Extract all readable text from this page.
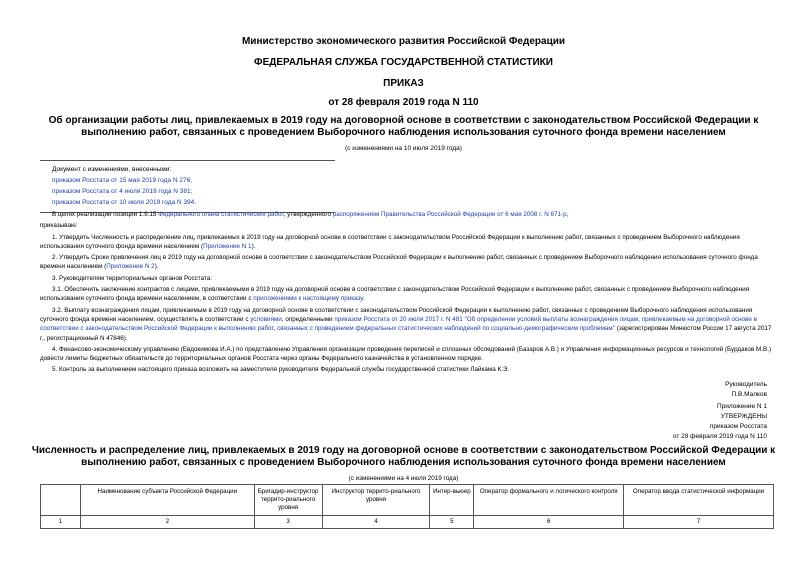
Министерство экономического развития Российской Федерации
ФЕДЕРАЛЬНАЯ СЛУЖБА ГОСУДАРСТВЕННОЙ СТАТИСТИКИ
ПРИКАЗ
от 28 февраля 2019 года N 110
Об организации работы лиц, привлекаемых в 2019 году на договорной основе в соответствии с законодательством Российской Федерации к выполнению работ, связанных с проведением Выборочного наблюдения использования суточного фонда времени населением
(с изменениями на 10 июля 2019 года)
Документ с изменениями, внесенными:
приказом Росстата от 15 мая 2019 года N 276;
приказом Росстата от 4 июля 2019 года N 381;
приказом Росстата от 10 июля 2019 года N 394.

В целях реализации позиции 1.9.15 Федерального плана статистических работ, утвержденного распоряжением Правительства Российской Федерации от 6 мая 2008 г. N 671-р,

приказываю:

1. Утвердить Численность и распределение лиц, привлекаемых в 2019 году на договорной основе в соответствии с законодательством Российской Федерации к выполнению работ, связанных с проведением Выборочного наблюдения использования суточного фонда времени населением (Приложение N 1).

2. Утвердить Сроки привлечения лиц в 2019 году на договорной основе в соответствии с законодательством Российской Федерации к выполнению работ, связанных с проведением Выборочного наблюдения использования суточного фонда времени населением (Приложение N 2).

3. Руководителям территориальных органов Росстата:

3.1. Обеспечить заключение контрактов с лицами, привлекаемыми в 2019 году на договорной основе в соответствии с законодательством Российской Федерации к выполнению работ, связанных с проведением Выборочного наблюдения использования суточного фонда времени населением, в соответствии с приложениями к настоящему приказу.

3.2. Выплату вознаграждения лицам, привлекаемым в 2019 году на договорной основе в соответствии с законодательством Российской Федерации к выполнению работ, связанных с проведением Выборочного наблюдения использования суточного фонда времени населением, осуществлять в соответствии с условиями, определенными приказом Росстата от 20 июля 2017 г. N 481 "Об определении условий выплаты вознаграждения лицам, привлекаемым на договорной основе в соответствии с законодательством Российской Федерации к выполнению работ, связанных с проведением федеральных статистических наблюдений по социально-демографическим проблемам" (зарегистрирован Минюстом России 17 августа 2017 г., регистрационный N 47846).

4. Финансово-экономическому управлению (Евдокимова И.А.) по представлению Управления организации проведения переписей и сплошных обследований (Базаров А.В.) и Управления информационных ресурсов и технологий (Бурдаков М.В.) довести лимиты бюджетных обязательств до территориальных органов Росстата через органы Федерального казначейства в установленном порядке.

5. Контроль за выполнением настоящего приказа возложить на заместителя руководителя Федеральной службы государственной статистики Лайкама К.Э.

Руководитель
П.В.Малков
Приложение N 1
УТВЕРЖДЕНЫ
приказом Росстата
от 28 февраля 2019 года N 110
Численность и распределение лиц, привлекаемых в 2019 году на договорной основе в соответствии с законодательством Российской Федерации к выполнению работ, связанных с проведением Выборочного наблюдения использования суточного фонда времени населением
(с изменениями на 4 июля 2019 года)
	Наименование субъекта Российской Федерации	Бригадир-инструктор террито-риального уровня	Инструктор террито-риального уровня	Интер-вьюер	Оператор формального и логического контроля	Оператор ввода статистической информации
1	2	3	4	5	6	7
